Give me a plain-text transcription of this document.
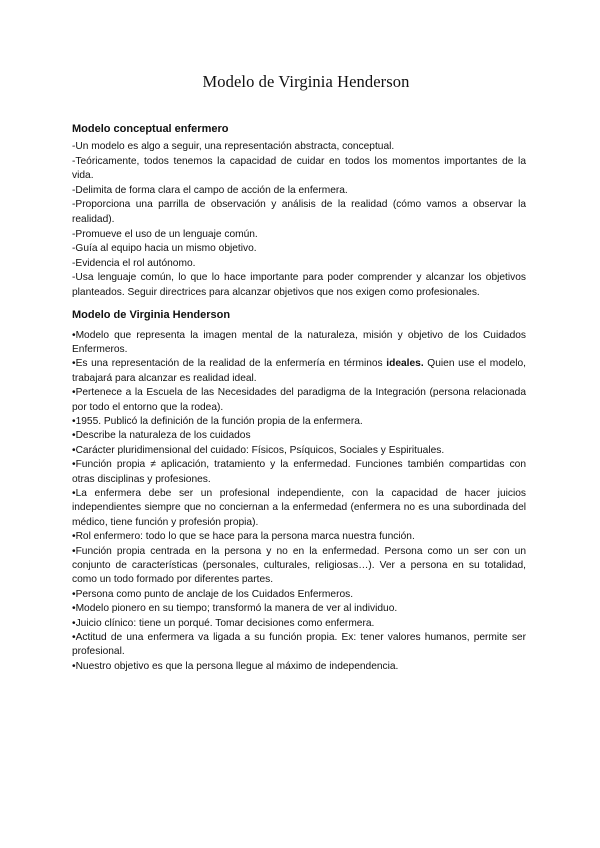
Modelo de Virginia Henderson
Modelo conceptual enfermero

-Un modelo es algo a seguir, una representación abstracta, conceptual.

-Teóricamente, todos tenemos la capacidad de cuidar en todos los momentos importantes de la vida.

-Delimita de forma clara el campo de acción de la enfermera.

-Proporciona una parrilla de observación y análisis de la realidad (cómo vamos a observar la realidad).

-Promueve el uso de un lenguaje común.

-Guía al equipo hacia un mismo objetivo.

-Evidencia el rol autónomo.

-Usa lenguaje común, lo que lo hace importante para poder comprender y alcanzar los objetivos planteados. Seguir directrices para alcanzar objetivos que nos exigen como profesionales.

Modelo de Virginia Henderson

•Modelo que representa la imagen mental de la naturaleza, misión y objetivo de los Cuidados Enfermeros.

•Es una representación de la realidad de la enfermería en términos ideales. Quien use el modelo, trabajará para alcanzar es realidad ideal.

•Pertenece a la Escuela de las Necesidades del paradigma de la Integración (persona relacionada por todo el entorno que la rodea).

•1955. Publicó la definición de la función propia de la enfermera.

•Describe la naturaleza de los cuidados

•Carácter pluridimensional del cuidado: Físicos, Psíquicos, Sociales y Espirituales.

•Función propia ≠ aplicación, tratamiento y la enfermedad. Funciones también compartidas con otras disciplinas y profesiones.

•La enfermera debe ser un profesional independiente, con la capacidad de hacer juicios independientes siempre que no conciernan a la enfermedad (enfermera no es una subordinada del médico, tiene función y profesión propia).

•Rol enfermero: todo lo que se hace para la persona marca nuestra función.

•Función propia centrada en la persona y no en la enfermedad. Persona como un ser con un conjunto de características (personales, culturales, religiosas…). Ver a persona en su totalidad, como un todo formado por diferentes partes.

•Persona como punto de anclaje de los Cuidados Enfermeros.

•Modelo pionero en su tiempo; transformó la manera de ver al individuo.

•Juicio clínico: tiene un porqué. Tomar decisiones como enfermera.

•Actitud de una enfermera va ligada a su función propia. Ex: tener valores humanos, permite ser profesional.

•Nuestro objetivo es que la persona llegue al máximo de independencia.
